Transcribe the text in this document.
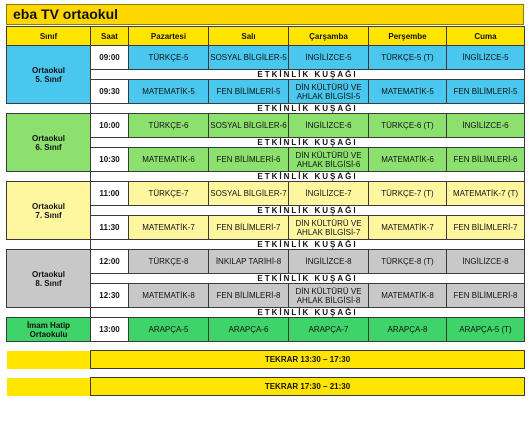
eba TV ortaokul
Sınıf	Saat	Pazartesi	Salı	Çarşamba	Perşembe	Cuma
Ortaokul
5. Sınıf	09:00	TÜRKÇE-5	SOSYAL BİLGİLER-5	İNGİLİZCE-5	TÜRKÇE-5 (T)	İNGİLİZCE-5
	ETKİNLİK KUŞAĞI					
	09:30	MATEMATİK-5	FEN BİLİMLERİ-5	DİN KÜLTÜRÜ VE AHLAK BİLGİSİ-5	MATEMATİK-5	FEN BİLİMLERİ-5
	ETKİNLİK KUŞAĞI					
Ortaokul
6. Sınıf	10:00	TÜRKÇE-6	SOSYAL BİLGİLER-6	İNGİLİZCE-6	TÜRKÇE-6 (T)	İNGİLİZCE-6
	ETKİNLİK KUŞAĞI					
	10:30	MATEMATİK-6	FEN BİLİMLERİ-6	DİN KÜLTÜRÜ VE AHLAK BİLGİSİ-6	MATEMATİK-6	FEN BİLİMLERİ-6
	ETKİNLİK KUŞAĞI					
Ortaokul
7. Sınıf	11:00	TÜRKÇE-7	SOSYAL BİLGİLER-7	İNGİLİZCE-7	TÜRKÇE-7 (T)	MATEMATİK-7 (T)
	ETKİNLİK KUŞAĞI					
	11:30	MATEMATİK-7	FEN BİLİMLERİ-7	DİN KÜLTÜRÜ VE AHLAK BİLGİSİ-7	MATEMATİK-7	FEN BİLİMLERİ-7
	ETKİNLİK KUŞAĞI					
Ortaokul
8. Sınıf	12:00	TÜRKÇE-8	İNKILAP TARİHİ-8	İNGİLİZCE-8	TÜRKÇE-8 (T)	İNGİLİZCE-8
	ETKİNLİK KUŞAĞI					
	12:30	MATEMATİK-8	FEN BİLİMLERİ-8	DİN KÜLTÜRÜ VE AHLAK BİLGİSİ-8	MATEMATİK-8	FEN BİLİMLERİ-8
	ETKİNLİK KUŞAĞI					
İmam Hatip
Ortaokulu	13:00	ARAPÇA-5	ARAPÇA-6	ARAPÇA-7	ARAPÇA-8	ARAPÇA-5 (T)

	TEKRAR 13:30 – 17:30					

	TEKRAR 17:30 – 21:30					
